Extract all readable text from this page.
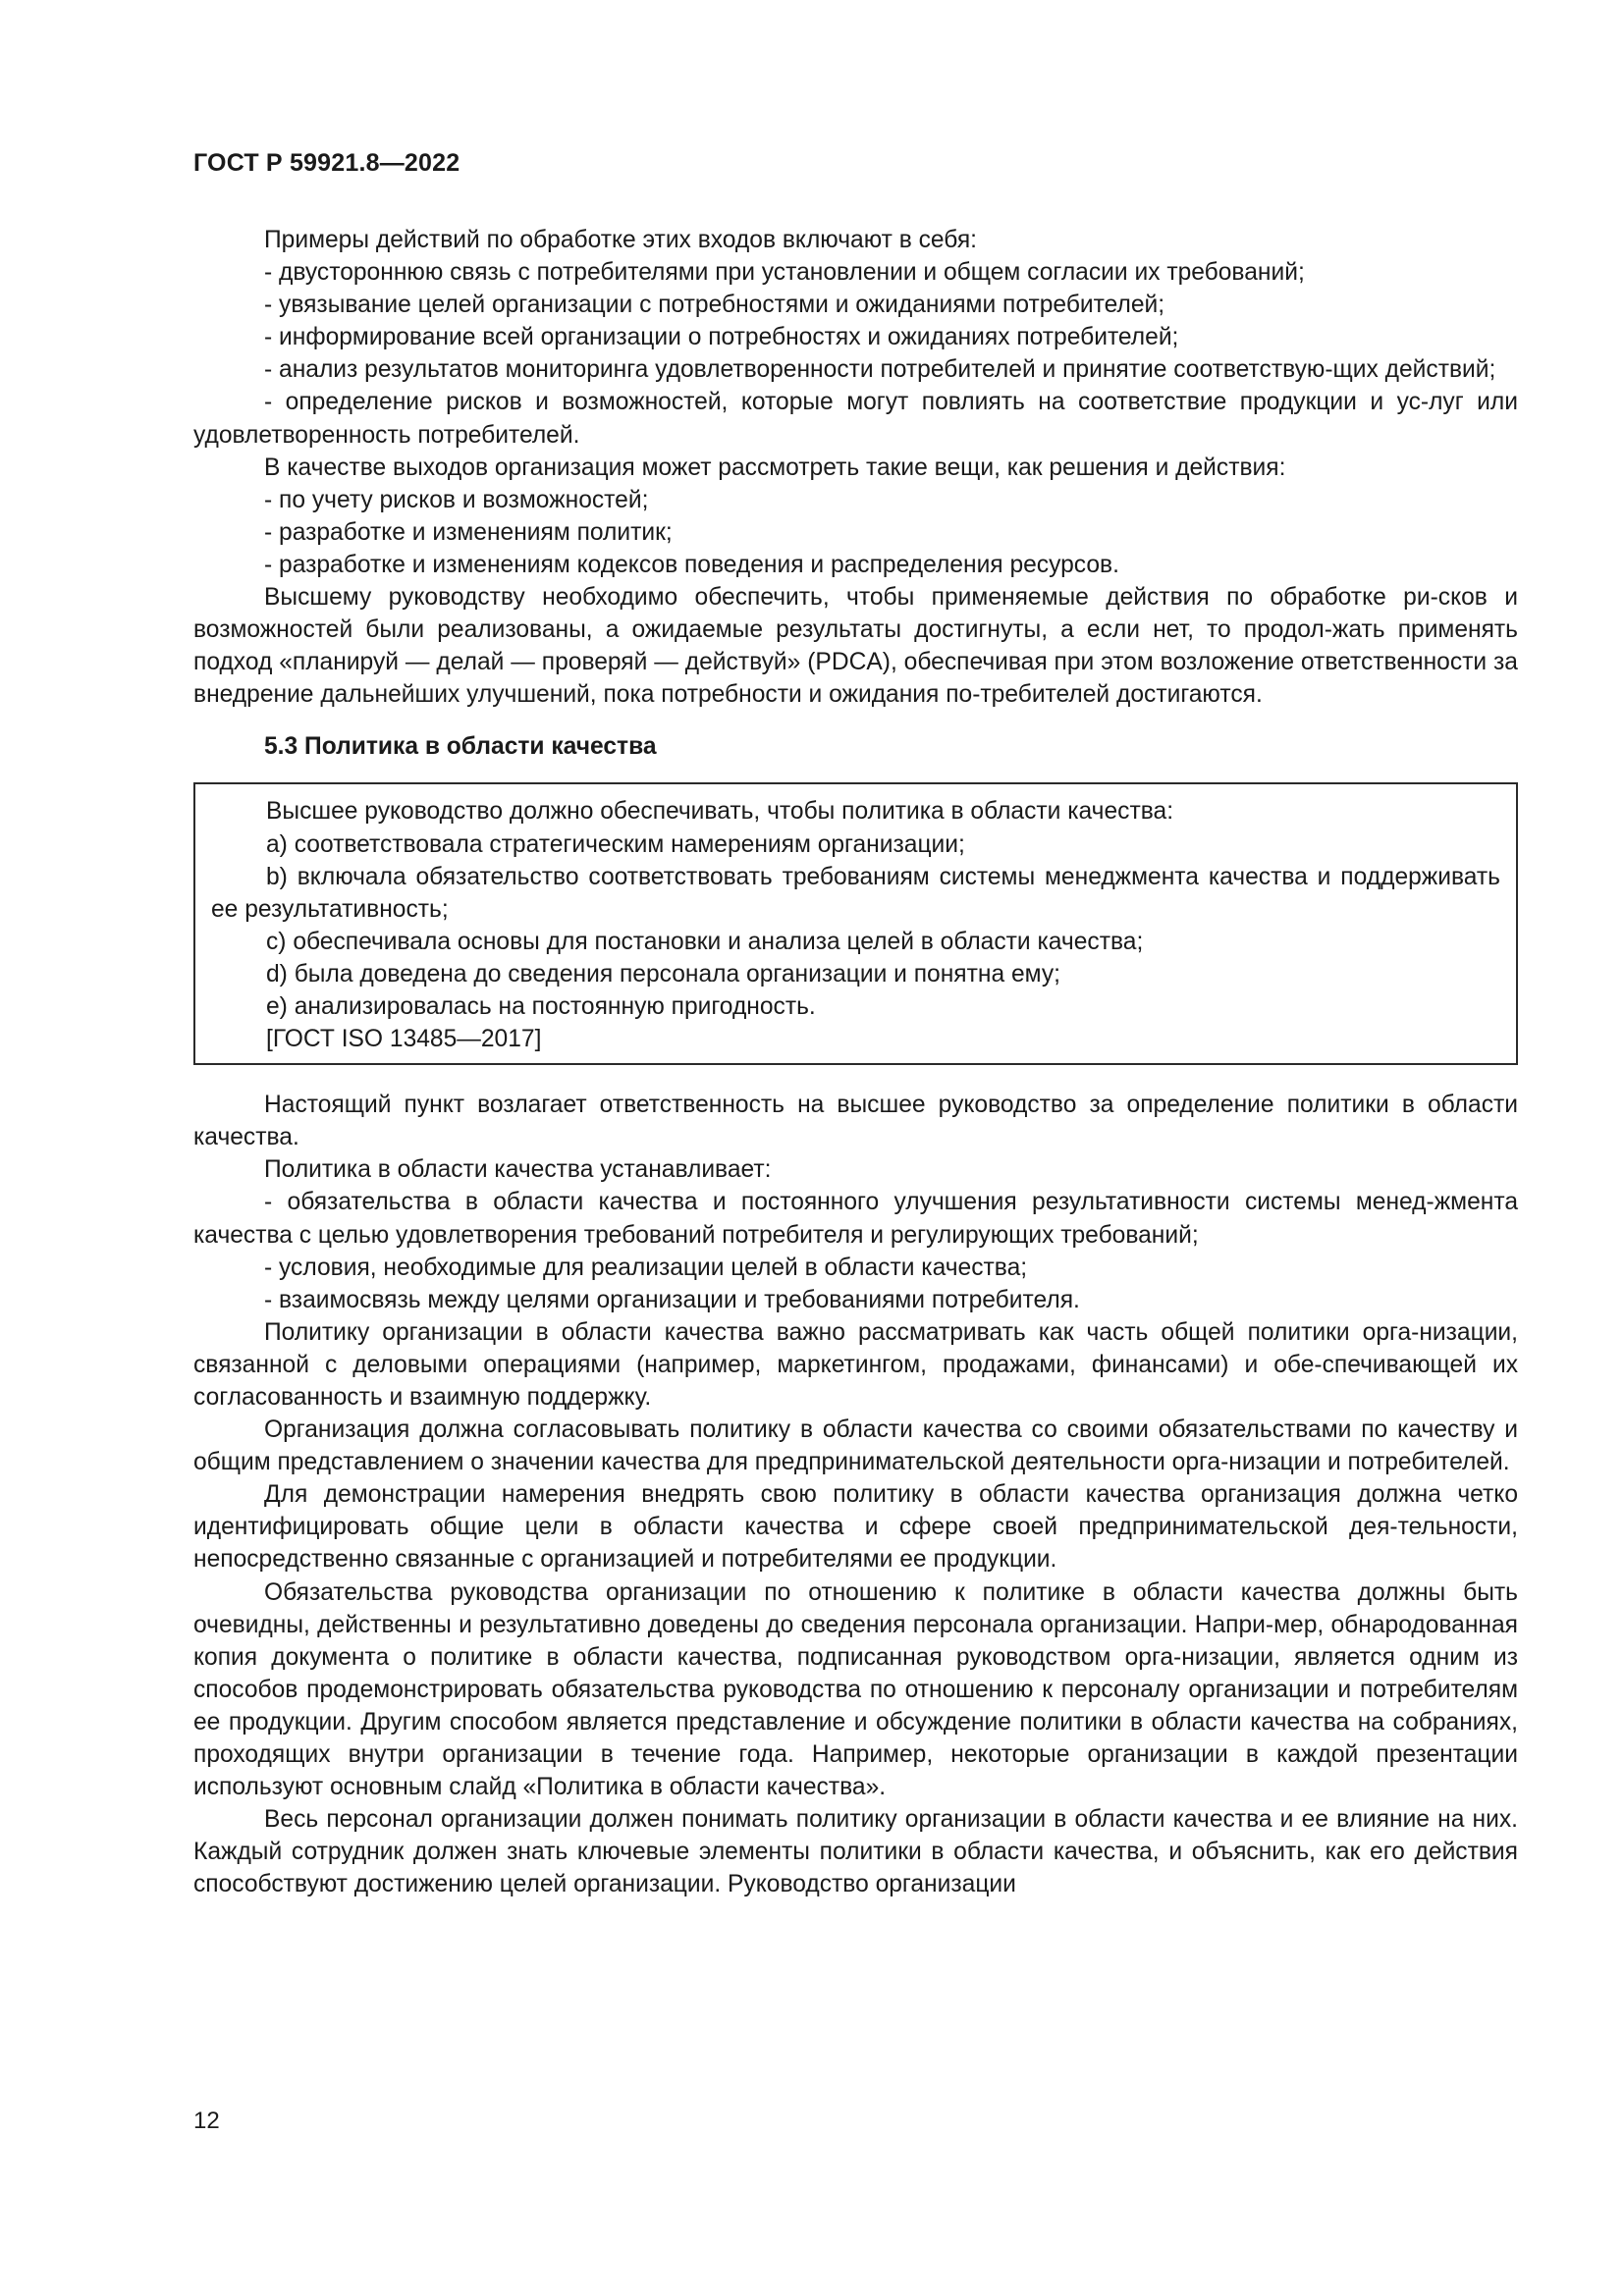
ГОСТ Р 59921.8—2022

Примеры действий по обработке этих входов включают в себя:

- двустороннюю связь с потребителями при установлении и общем согласии их требований;

- увязывание целей организации с потребностями и ожиданиями потребителей;

- информирование всей организации о потребностях и ожиданиях потребителей;

- анализ результатов мониторинга удовлетворенности потребителей и принятие соответствую-щих действий;

- определение рисков и возможностей, которые могут повлиять на соответствие продукции и ус-луг или удовлетворенность потребителей.

В качестве выходов организация может рассмотреть такие вещи, как решения и действия:

- по учету рисков и возможностей;

- разработке и изменениям политик;

- разработке и изменениям кодексов поведения и распределения ресурсов.

Высшему руководству необходимо обеспечить, чтобы применяемые действия по обработке ри-сков и возможностей были реализованы, а ожидаемые результаты достигнуты, а если нет, то продол-жать применять подход «планируй — делай — проверяй — действуй» (PDCA), обеспечивая при этом возложение ответственности за внедрение дальнейших улучшений, пока потребности и ожидания по-требителей достигаются.

5.3 Политика в области качества

Высшее руководство должно обеспечивать, чтобы политика в области качества:

a) соответствовала стратегическим намерениям организации;

b) включала обязательство соответствовать требованиям системы менеджмента качества и поддерживать ее результативность;

c) обеспечивала основы для постановки и анализа целей в области качества;

d) была доведена до сведения персонала организации и понятна ему;

e) анализировалась на постоянную пригодность.

[ГОСТ ISO 13485—2017]

Настоящий пункт возлагает ответственность на высшее руководство за определение политики в области качества.

Политика в области качества устанавливает:

- обязательства в области качества и постоянного улучшения результативности системы менед-жмента качества с целью удовлетворения требований потребителя и регулирующих требований;

- условия, необходимые для реализации целей в области качества;

- взаимосвязь между целями организации и требованиями потребителя.

Политику организации в области качества важно рассматривать как часть общей политики орга-низации, связанной с деловыми операциями (например, маркетингом, продажами, финансами) и обе-спечивающей их согласованность и взаимную поддержку.

Организация должна согласовывать политику в области качества со своими обязательствами по качеству и общим представлением о значении качества для предпринимательской деятельности орга-низации и потребителей.

Для демонстрации намерения внедрять свою политику в области качества организация должна четко идентифицировать общие цели в области качества и сфере своей предпринимательской дея-тельности, непосредственно связанные с организацией и потребителями ее продукции.

Обязательства руководства организации по отношению к политике в области качества должны быть очевидны, действенны и результативно доведены до сведения персонала организации. Напри-мер, обнародованная копия документа о политике в области качества, подписанная руководством орга-низации, является одним из способов продемонстрировать обязательства руководства по отношению к персоналу организации и потребителям ее продукции. Другим способом является представление и обсуждение политики в области качества на собраниях, проходящих внутри организации в течение года. Например, некоторые организации в каждой презентации используют основным слайд «Политика в области качества».

Весь персонал организации должен понимать политику организации в области качества и ее влияние на них. Каждый сотрудник должен знать ключевые элементы политики в области качества, и объяснить, как его действия способствуют достижению целей организации. Руководство организации

12
